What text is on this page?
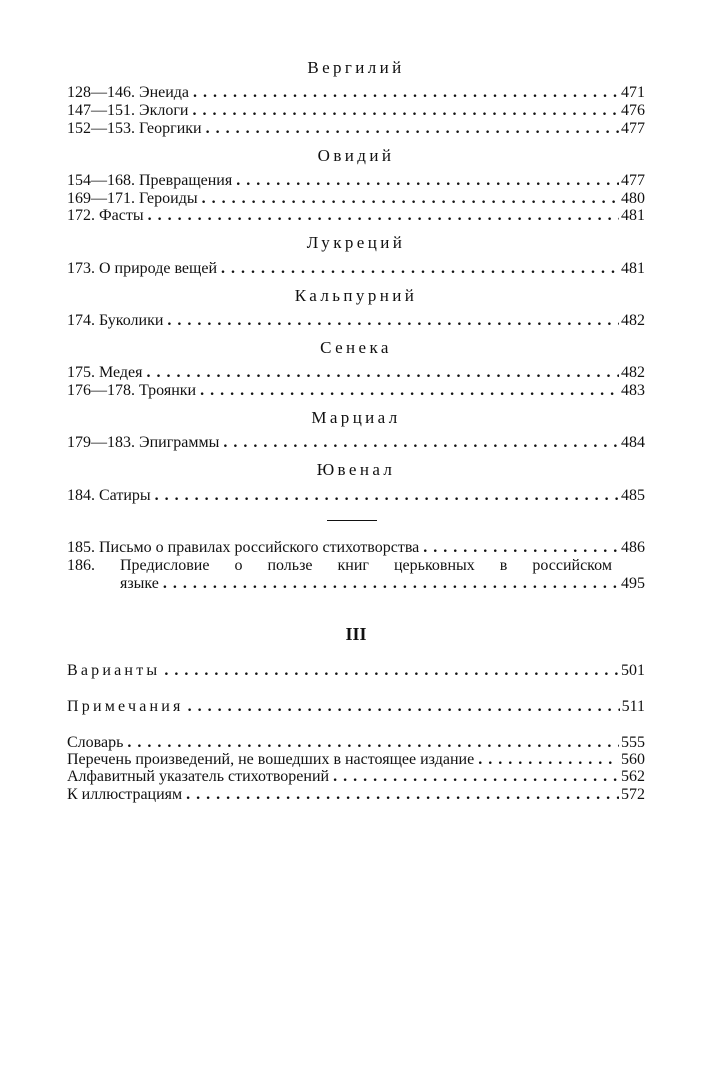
Вергилий
128—146. Энеида . . .	471
147—151. Эклоги . . .	476
152—153. Георгики . . .	477
Овидий
154—168. Превращения . . .	477
169—171. Героиды . . .	480
172. Фасты . . .	481
Лукреций
173. О природе вещей . . .	481
Кальпурний
174. Буколики . . .	482
Сенека
175. Медея . . .	482
176—178. Троянки . . .	483
Марциал
179—183. Эпиграммы . . .	484
Ювенал
184. Сатиры . . .	485
185. Письмо о правилах российского стихотворства . . .	486
186. Предисловие о пользе книг церьковных в российском
языке . . .	495
III
Варианты . . .	501
Примечания . . .	511
Словарь . . .	555
Перечень произведений, не вошедших в настоящее издание . . .	560
Алфавитный указатель стихотворений . . .	562
К иллюстрациям . . .	572
